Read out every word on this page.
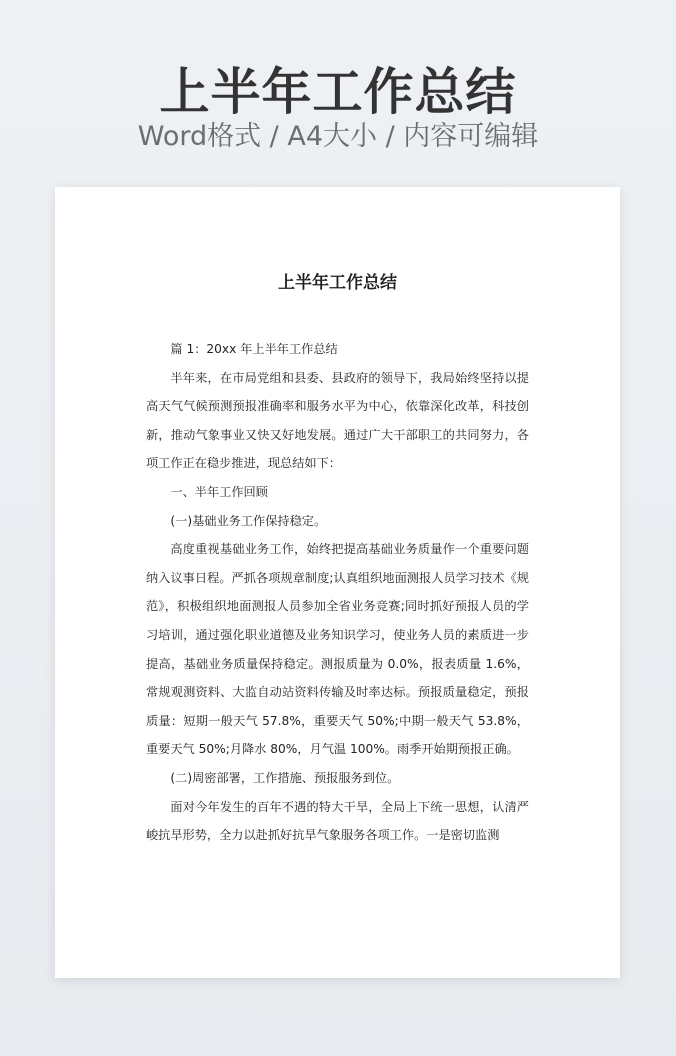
上半年工作总结
Word格式 / A4大小 / 内容可编辑
上半年工作总结

篇 1：20xx 年上半年工作总结

半年来，在市局党组和县委、县政府的领导下，我局始终坚持以提高天气气候预测预报准确率和服务水平为中心，依靠深化改革，科技创新，推动气象事业又快又好地发展。通过广大干部职工的共同努力，各项工作正在稳步推进，现总结如下：

一、半年工作回顾

(一)基础业务工作保持稳定。

高度重视基础业务工作，始终把提高基础业务质量作一个重要问题纳入议事日程。严抓各项规章制度;认真组织地面测报人员学习技术《规范》，积极组织地面测报人员参加全省业务竞赛;同时抓好预报人员的学习培训，通过强化职业道德及业务知识学习，使业务人员的素质进一步提高，基础业务质量保持稳定。测报质量为 0.0%，报表质量 1.6%，常规观测资料、大监自动站资料传输及时率达标。预报质量稳定，预报质量：短期一般天气 57.8%，重要天气 50%;中期一般天气 53.8%，重要天气 50%;月降水 80%，月气温 100%。雨季开始期预报正确。

(二)周密部署，工作措施、预报服务到位。

面对今年发生的百年不遇的特大干旱，全局上下统一思想，认清严峻抗旱形势，全力以赴抓好抗旱气象服务各项工作。一是密切监测
